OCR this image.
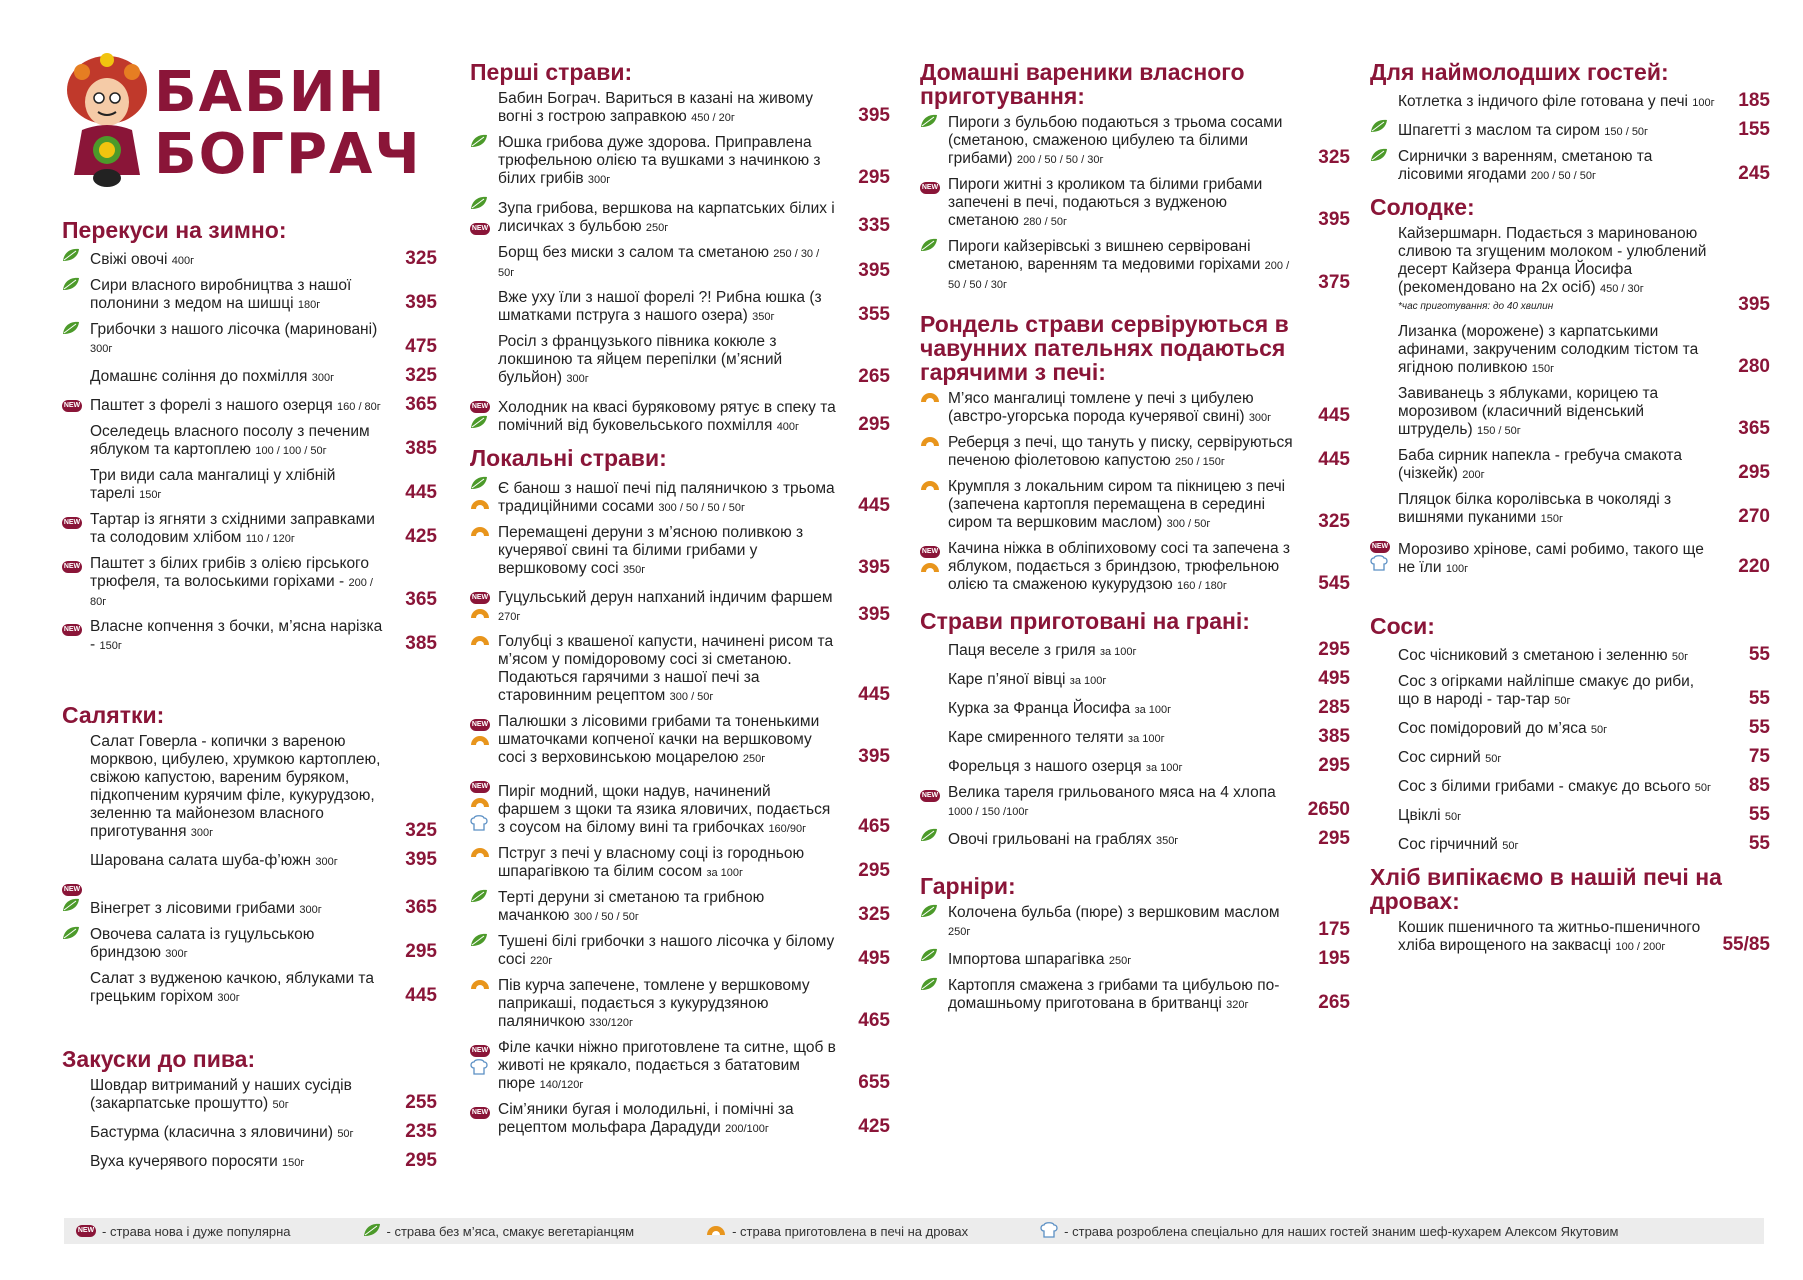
БАБИН
БОГРАЧ
Перекуси на зимно:
Свіжі овочі 400г	325
Сири власного виробництва з нашої полонини з медом на шишці 180г	395
Грибочки з нашого лісочка (мариновані) 300г	475
Домашнє соління до похмілля 300г	325
NEW Паштет з форелі з нашого озерця 160 / 80г	365
Оселедець власного посолу з печеним яблуком та картоплею 100 / 100 / 50г	385
Три види сала мангалиці у хлібній тарелі 150г	445
NEW Тартар із ягняти з східними заправками та солодовим хлібом 110 / 120г	425
NEW Паштет з білих грибів з олією гірського трюфеля, та волоськими горіхами - 200 / 80г	365
NEW Власне копчення з бочки, м’ясна нарізка - 150г	385
Салятки:
Салат Говерла - копички з вареною морквою, цибулею, хрумкою картоплею, свіжою капустою, вареним буряком, підкопченим курячим філе, кукурудзою, зеленню та майонезом власного приготування 300г	325
Шарована салата шуба-ф’южн 300г	395
NEW
Вінегрет з лісовими грибами 300г	365
Овочева салата із гуцульською бриндзою 300г	295
Салат з вудженою качкою, яблуками та грецьким горіхом 300г	445
Закуски до пива:
Шовдар витриманий у наших сусідів (закарпатське прошутто) 50г	255
Бастурма (класична з яловичини) 50г	235
Вуха кучерявого поросяти 150г	295
Перші страви:
Бабин Бограч. Вариться в казані на живому вогні з гострою заправкою 450 / 20г	395
Юшка грибова дуже здорова. Приправлена трюфельною олією та вушками з начинкою з білих грибів 300г	295
NEW
Зупа грибова, вершкова на карпатських білих і лисичках з бульбою 250г	335
Борщ без миски з салом та сметаною 250 / 30 / 50г	395
Вже уху їли з нашої форелі ?! Рибна юшка (з шматками пструга з нашого озера) 350г	355
Росіл з французького півника кокюле з локшиною та яйцем перепілки (м’ясний бульйон) 300г	265
NEW Холодник на квасі буряковому рятує в спеку та помічний від буковельського похмілля 400г	295
Локальні страви:
Є банош з нашої печі під паляничкою з трьома традиційними сосами 300 / 50 / 50 / 50г	445
Перемащені деруни з м’ясною поливкою з кучерявої свині та білими грибами у вершковому сосі 350г	395
NEW Гуцульський дерун напханий індичим фаршем 270г	395
Голубці з квашеної капусти, начинені рисом та м’ясом у помідоровому сосі зі сметаною. Подаються гарячими з нашої печі за старовинним рецептом 300 / 50г	445
NEW Палюшки з лісовими грибами та тоненькими шматочками копченої качки на вершковому сосі з верховинською моцарелою 250г	395
NEW Пиріг модний, щоки надув, начинений фаршем з щоки та язика яловичих, подається з соусом на білому вині та грибочках 160/90г	465
Пструг з печі у власному соці із городньою шпарагівкою та білим сосом за 100г	295
Терті деруни зі сметаною та грибною мачанкою 300 / 50 / 50г	325
Тушені білі грибочки з нашого лісочка у білому сосі 220г	495
Пів курча запечене, томлене у вершковому паприкаші, подається з кукурудзяною паляничкою 330/120г	465
NEW Філе качки ніжно приготовлене та ситне, щоб в животі не крякало, подається з бататовим пюре 140/120г	655
NEW Сім’яники бугая і молодильні, і помічні за рецептом мольфара Дарадуди 200/100г	425
Домашні вареники власного приготування:
Пироги з бульбою подаються з трьома сосами (сметаною, смаженою цибулею та білими грибами) 200 / 50 / 50 / 30г	325
NEW Пироги житні з кроликом та білими грибами запечені в печі, подаються з вудженою сметаною 280 / 50г	395
Пироги кайзерівські з вишнею сервіровані сметаною, варенням та медовими горіхами 200 / 50 / 50 / 30г	375
Рондель страви сервіруються в чавунних пательнях подаються гарячими з печі:
М’ясо мангалиці томлене у печі з цибулею (австро-угорська порода кучерявої свині) 300г	445
Реберця з печі, що тануть у писку, сервіруються печеною фіолетовою капустою 250 / 150г	445
Крумпля з локальним сиром та пікницею з печі (запечена картопля перемащена в середині сиром та вершковим маслом) 300 / 50г	325
NEW Качина ніжка в обліпиховому сосі та запечена з яблуком, подається з бриндзою, трюфельною олією та смаженою кукурудзою 160 / 180г	545
Страви приготовані на грані:
Паця веселе з гриля за 100г	295
Каре п’яної вівці за 100г	495
Курка за Франца Йосифа за 100г	285
Каре смиренного теляти за 100г	385
Форельця з нашого озерця за 100г	295
NEW Велика тареля грильованого мяса на 4 хлопа 1000 / 150 /100г	2650
Овочі грильовані на граблях 350г	295
Гарніри:
Колочена бульба (пюре) з вершковим маслом 250г	175
Імпортова шпарагівка 250г	195
Картопля смажена з грибами та цибульою по-домашньому приготована в бритванці 320г	265
Для наймолодших гостей:
Котлетка з індичого філе готована у печі 100г	185
Шпагетті з маслом та сиром 150 / 50г	155
Сирнички з варенням, сметаною та лісовими ягодами 200 / 50 / 50г	245
Солодке:
Кайзершмарн. Подається з маринованою сливою та згущеним молоком - улюблений десерт Кайзера Франца Йосифа (рекомендовано на 2х осіб) 450 / 30г
*час приготування: до 40 хвилин	395
Лизанка (морожене) з карпатськими афинами, закрученим солодким тістом та ягідною поливкою 150г	280
Завиванець з яблуками, корицею та морозивом (класичний віденський штрудель) 150 / 50г	365
Баба сирник напекла - гребуча смакота (чізкейк) 200г	295
Пляцок білка королівська в чоколяді з вишнями пуканими 150г	270
NEW Морозиво хрінове, самі робимо, такого ще не їли 100г	220
Соси:
Сос чісниковий з сметаною і зеленню 50г	55
Сос з огірками найліпше смакує до риби, що в народі - тар-тар 50г	55
Сос помідоровий до м’яса 50г	55
Сос сирний 50г	75
Сос з білими грибами - смакує до всього 50г	85
Цвіклі 50г	55
Сос гірчичний 50г	55
Хліб випікаємо в нашій печі на дровах:
Кошик пшеничного та житньо-пшеничного хліба вирощеного на заквасці 100 / 200г	55/85
NEW - страва нова і дуже популярна	- страва без м’яса, смакує вегетаріанцям	- страва приготовлена в печі на дровах	- страва розроблена спеціально для наших гостей знаним шеф-кухарем Алексом Якутовим
